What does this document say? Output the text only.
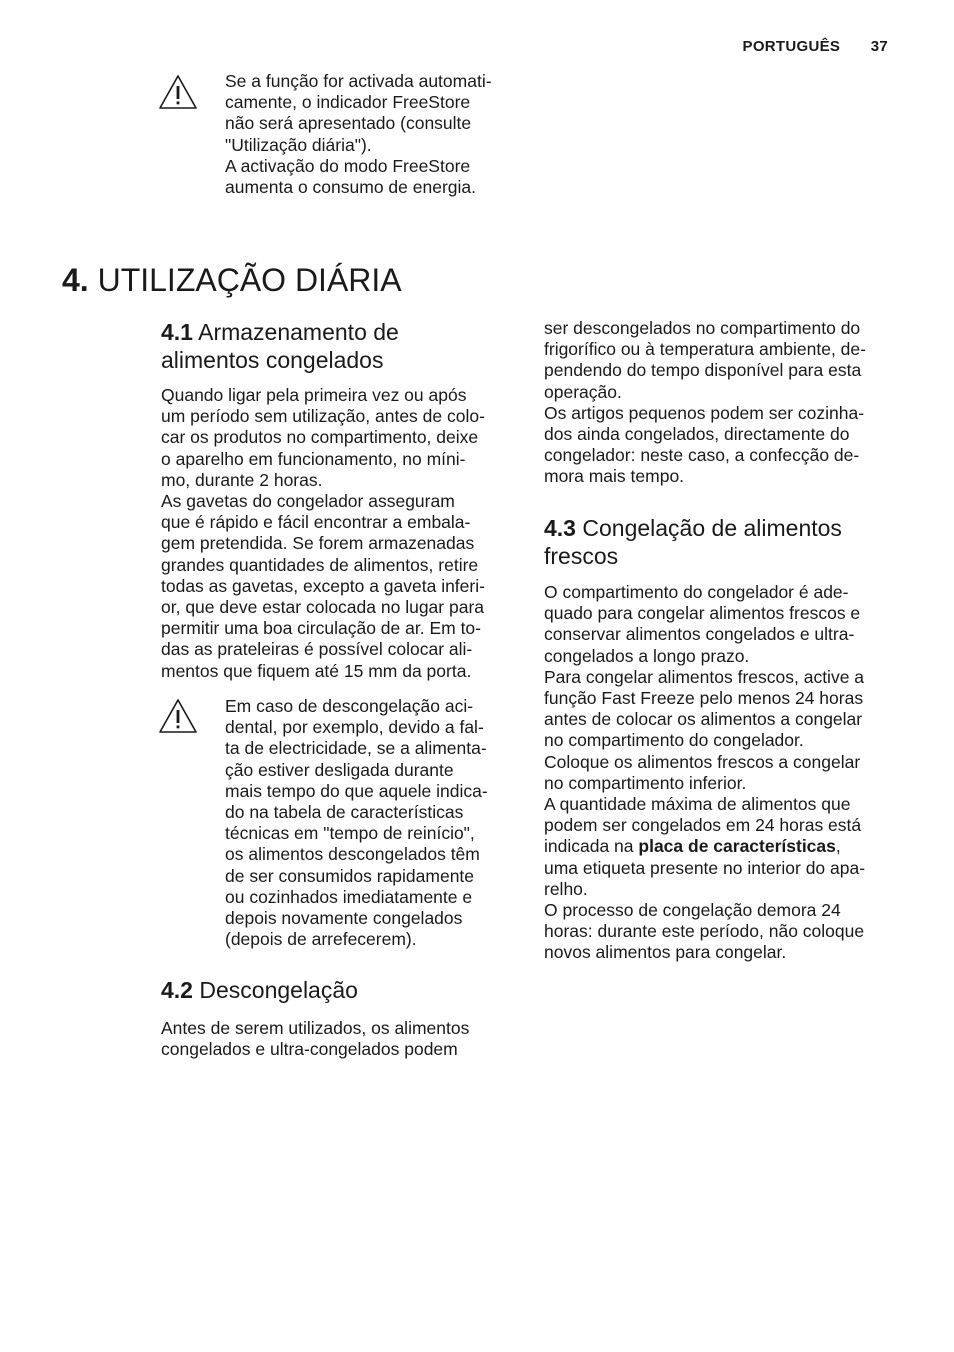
PORTUGUÊS 37

Se a função for activada automati-

camente, o indicador FreeStore

não será apresentado (consulte

"Utilização diária").

A activação do modo FreeStore

aumenta o consumo de energia.

4. UTILIZAÇÃO DIÁRIA
4.1 Armazenamento de
alimentos congelados

Quando ligar pela primeira vez ou após

um período sem utilização, antes de colo-

car os produtos no compartimento, deixe

o aparelho em funcionamento, no míni-

mo, durante 2 horas.

As gavetas do congelador asseguram

que é rápido e fácil encontrar a embala-

gem pretendida. Se forem armazenadas

grandes quantidades de alimentos, retire

todas as gavetas, excepto a gaveta inferi-

or, que deve estar colocada no lugar para

permitir uma boa circulação de ar. Em to-

das as prateleiras é possível colocar ali-

mentos que fiquem até 15 mm da porta.

Em caso de descongelação aci-

dental, por exemplo, devido a fal-

ta de electricidade, se a alimenta-

ção estiver desligada durante

mais tempo do que aquele indica-

do na tabela de características

técnicas em "tempo de reinício",

os alimentos descongelados têm

de ser consumidos rapidamente

ou cozinhados imediatamente e

depois novamente congelados

(depois de arrefecerem).

4.2 Descongelação

Antes de serem utilizados, os alimentos

congelados e ultra-congelados podem

ser descongelados no compartimento do

frigorífico ou à temperatura ambiente, de-

pendendo do tempo disponível para esta

operação.

Os artigos pequenos podem ser cozinha-

dos ainda congelados, directamente do

congelador: neste caso, a confecção de-

mora mais tempo.

4.3 Congelação de alimentos
frescos

O compartimento do congelador é ade-

quado para congelar alimentos frescos e

conservar alimentos congelados e ultra-

congelados a longo prazo.

Para congelar alimentos frescos, active a

função Fast Freeze pelo menos 24 horas

antes de colocar os alimentos a congelar

no compartimento do congelador.

Coloque os alimentos frescos a congelar

no compartimento inferior.

A quantidade máxima de alimentos que

podem ser congelados em 24 horas está

indicada na placa de características,

uma etiqueta presente no interior do apa-

relho.

O processo de congelação demora 24

horas: durante este período, não coloque

novos alimentos para congelar.
